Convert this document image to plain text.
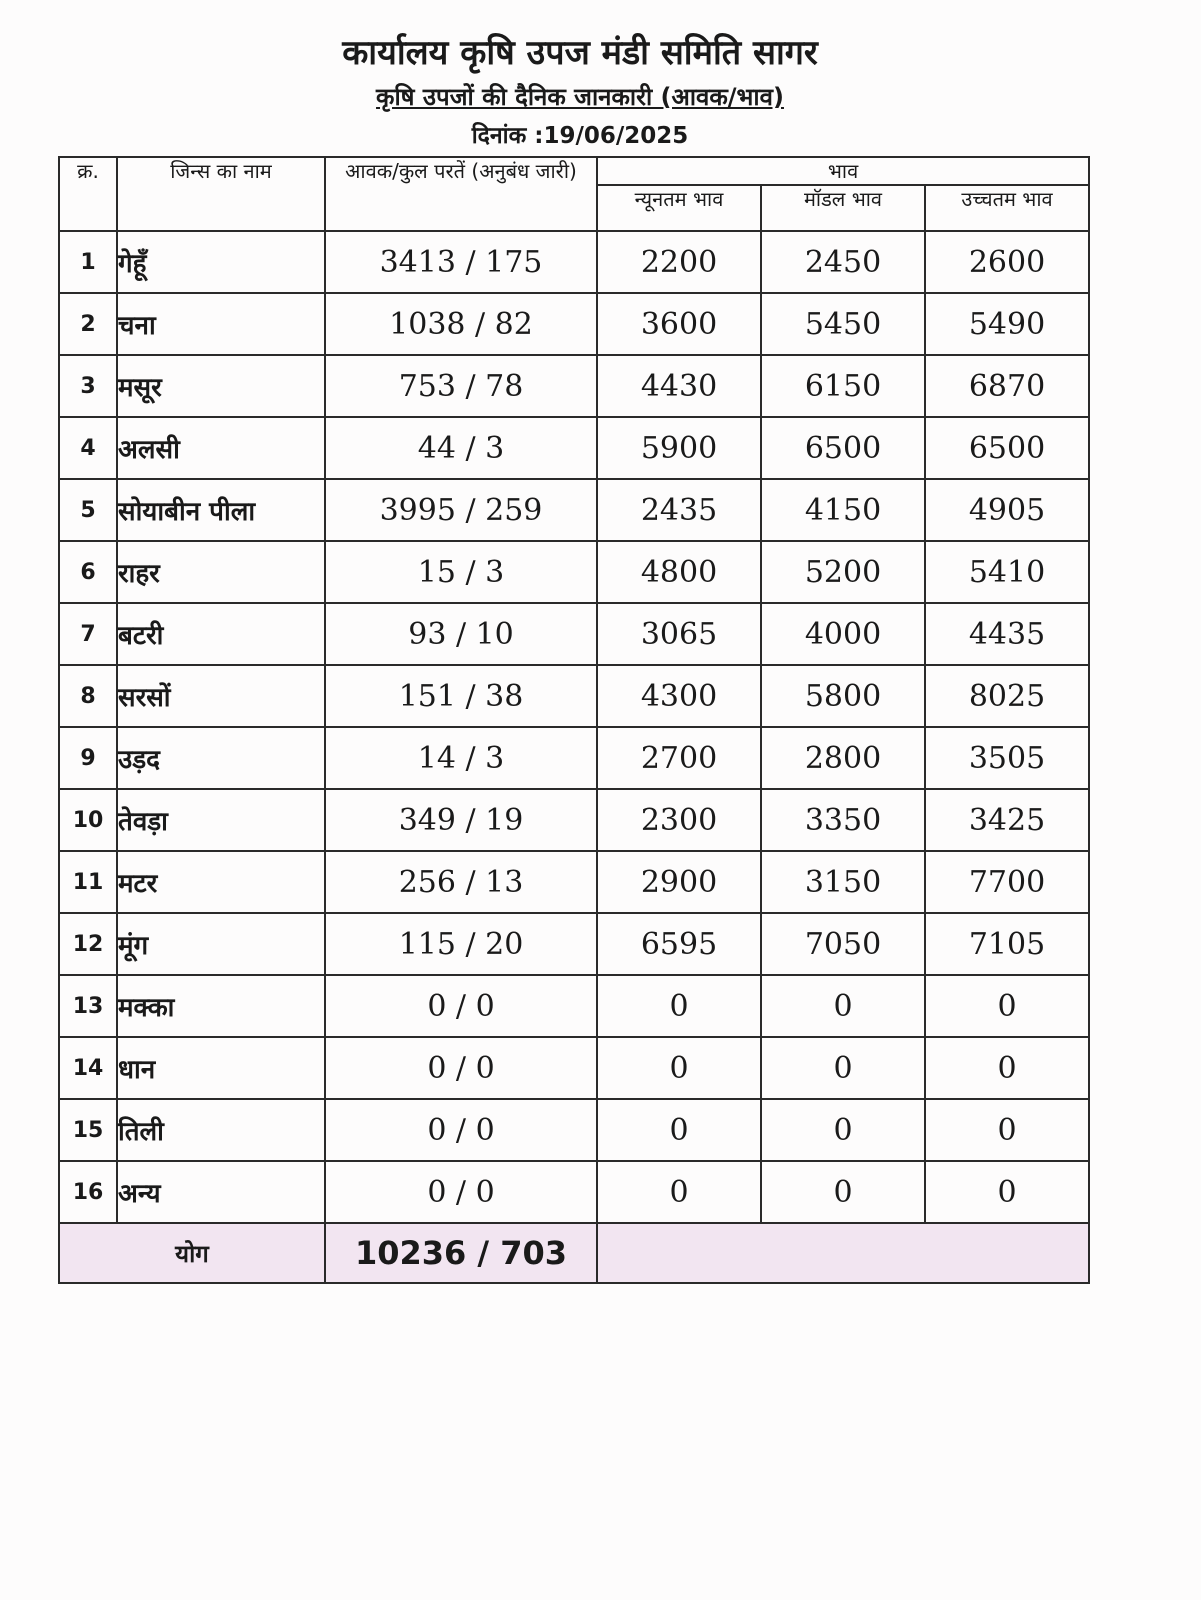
कार्यालय कृषि उपज मंडी समिति सागर
कृषि उपजों की दैनिक जानकारी (आवक/भाव)
दिनांक :19/06/2025
क्र.	जिन्स का नाम	आवक/कुल परतें (अनुबंध जारी)	भाव		
			न्यूनतम भाव	मॉडल भाव	उच्चतम भाव
1	गेहूँ	3413 / 175	2200	2450	2600
2	चना	1038 / 82	3600	5450	5490
3	मसूर	753 / 78	4430	6150	6870
4	अलसी	44 / 3	5900	6500	6500
5	सोयाबीन पीला	3995 / 259	2435	4150	4905
6	राहर	15 / 3	4800	5200	5410
7	बटरी	93 / 10	3065	4000	4435
8	सरसों	151 / 38	4300	5800	8025
9	उड़द	14 / 3	2700	2800	3505
10	तेवड़ा	349 / 19	2300	3350	3425
11	मटर	256 / 13	2900	3150	7700
12	मूंग	115 / 20	6595	7050	7105
13	मक्का	0 / 0	0	0	0
14	धान	0 / 0	0	0	0
15	तिली	0 / 0	0	0	0
16	अन्य	0 / 0	0	0	0
योग		10236 / 703			
